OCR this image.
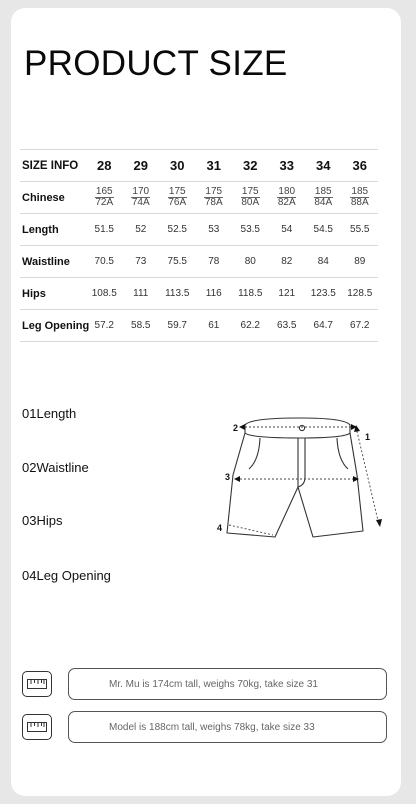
PRODUCT SIZE
SIZE INFO	28	29	30	31	32	33	34	36
Chinese	$\frac{165}{72A}$	$\frac{170}{74A}$	$\frac{175}{76A}$	$\frac{175}{78A}$	$\frac{175}{80A}$	$\frac{180}{82A}$	$\frac{185}{84A}$	$\frac{185}{88A}$

Length	51.5	52	52.5	53	53.5	54	54.5	55.5
Waistline	70.5	73	75.5	78	80	82	84	89
Hips	108.5	111	113.5	116	118.5	121	123.5	128.5
Leg Opening	57.2	58.5	59.7	61	62.2	63.5	64.7	67.2
01Length
02Waistline
03Hips
04Leg Opening
1
2
3
4
Mr. Mu is 174cm tall, weighs 70kg, take size 31
Model is 188cm tall, weighs 78kg, take size 33
